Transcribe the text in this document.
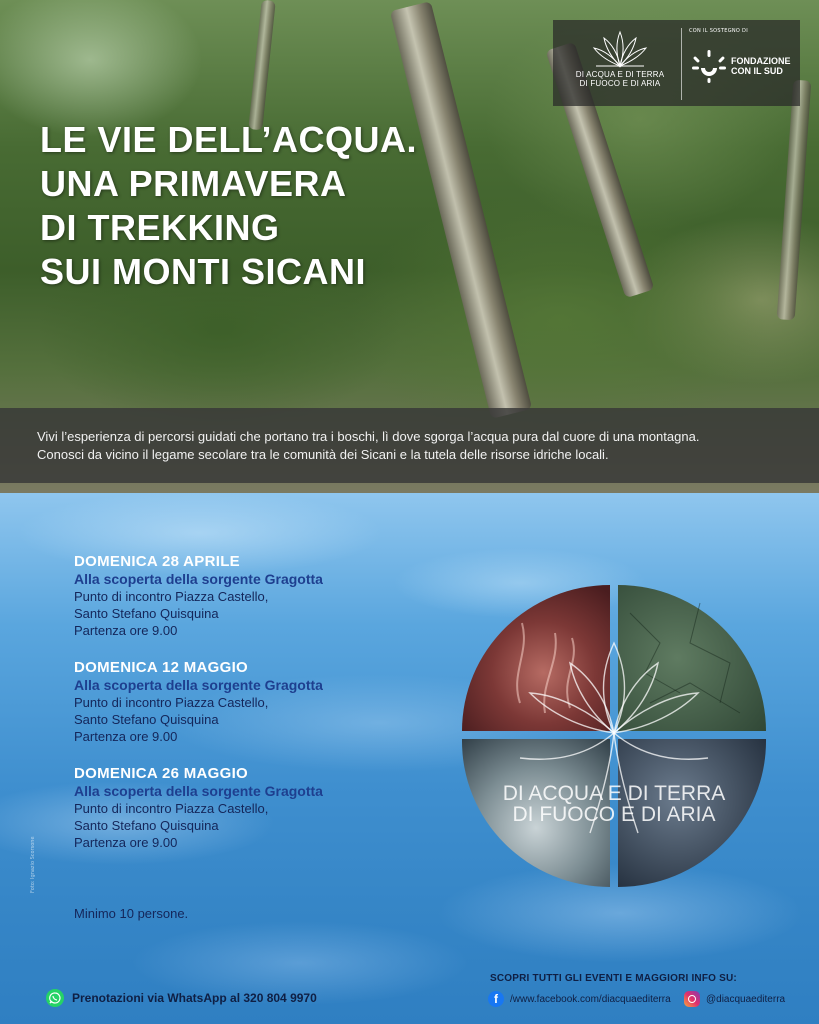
DI ACQUA E DI TERRA
DI FUOCO E DI ARIA
CON IL SOSTEGNO DI
FONDAZIONE
CON IL SUD
LE VIE DELL’ACQUA.
UNA PRIMAVERA
DI TREKKING
SUI MONTI SICANI

Vivi l’esperienza di percorsi guidati che portano tra i boschi, lì dove sgorga l’acqua pura dal cuore di una montagna.

Conosci da vicino il legame secolare tra le comunità dei Sicani e la tutela delle risorse idriche locali.

DOMENICA 28 APRILE
Alla scoperta della sorgente Gragotta
Punto di incontro Piazza Castello,
Santo Stefano Quisquina
Partenza ore 9.00
DOMENICA 12 MAGGIO
Alla scoperta della sorgente Gragotta
Punto di incontro Piazza Castello,
Santo Stefano Quisquina
Partenza ore 9.00
DOMENICA 26 MAGGIO
Alla scoperta della sorgente Gragotta
Punto di incontro Piazza Castello,
Santo Stefano Quisquina
Partenza ore 9.00
Minimo 10 persone.
Foto: Ignazio Scorsone
DI ACQUA E DI TERRA
DI FUOCO E DI ARIA
Prenotazioni via WhatsApp al 320 804 9970
SCOPRI TUTTI GLI EVENTI E MAGGIORI INFO SU:
f	/www.facebook.com/diacquaediterra	@diacquaediterra
